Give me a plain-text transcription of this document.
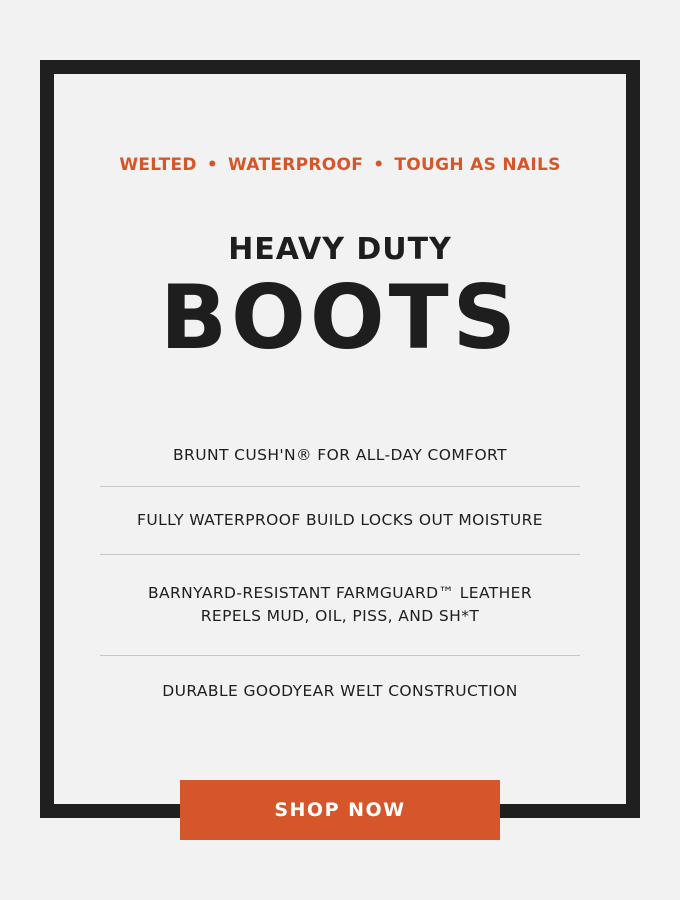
WELTED • WATERPROOF • TOUGH AS NAILS
HEAVY DUTY
BOOTS
BRUNT CUSH'N® FOR ALL-DAY COMFORT
FULLY WATERPROOF BUILD LOCKS OUT MOISTURE
BARNYARD-RESISTANT FARMGUARD™ LEATHER
REPELS MUD, OIL, PISS, AND SH*T
DURABLE GOODYEAR WELT CONSTRUCTION
SHOP NOW
